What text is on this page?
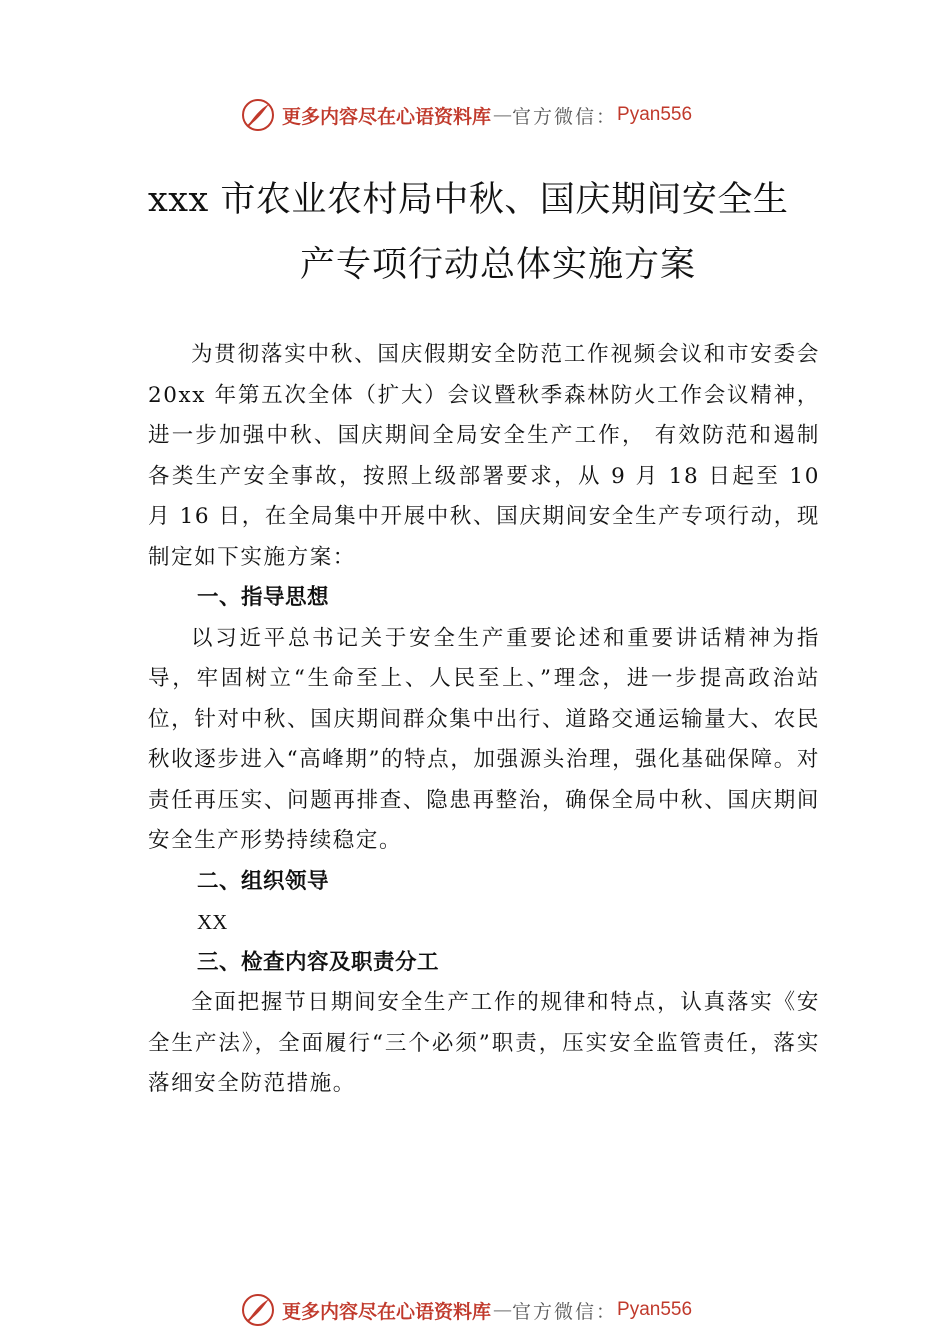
更多内容尽在心语资料库 — 官方微信： Pyan556
xxx 市农业农村局中秋、国庆期间安全生
产专项行动总体实施方案

为贯彻落实中秋、国庆假期安全防范工作视频会议和市安委会 20xx 年第五次全体（扩大）会议暨秋季森林防火工作会议精神，进一步加强中秋、国庆期间全局安全生产工作， 有效防范和遏制各类生产安全事故，按照上级部署要求，从 9 月 18 日起至 10 月 16 日，在全局集中开展中秋、国庆期间安全生产专项行动，现制定如下实施方案：

一、指导思想

以习近平总书记关于安全生产重要论述和重要讲话精神为指导，牢固树立“生命至上、人民至上、”理念，进一步提高政治站位，针对中秋、国庆期间群众集中出行、道路交通运输量大、农民秋收逐步进入“高峰期”的特点，加强源头治理，强化基础保障。对责任再压实、问题再排查、隐患再整治，确保全局中秋、国庆期间安全生产形势持续稳定。

二、组织领导
XX
三、检查内容及职责分工

全面把握节日期间安全生产工作的规律和特点，认真落实《安全生产法》，全面履行“三个必须”职责，压实安全监管责任，落实落细安全防范措施。

更多内容尽在心语资料库 — 官方微信： Pyan556
